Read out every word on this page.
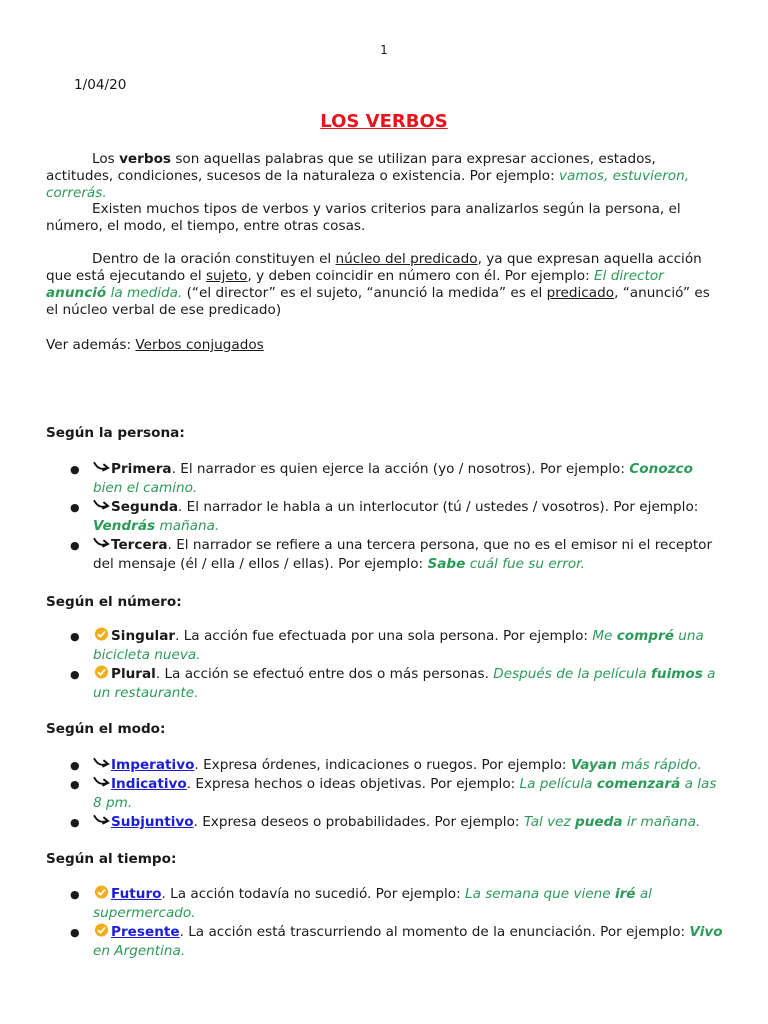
1
1/04/20
LOS VERBOS
Los verbos son aquellas palabras que se utilizan para expresar acciones, estados, actitudes, condiciones, sucesos de la naturaleza o existencia. Por ejemplo: vamos, estuvieron, correrás.
Existen muchos tipos de verbos y varios criterios para analizarlos según la persona, el número, el modo, el tiempo, entre otras cosas.
Dentro de la oración constituyen el núcleo del predicado, ya que expresan aquella acción que está ejecutando el sujeto, y deben coincidir en número con él. Por ejemplo: El director anunció la medida. (“el director” es el sujeto, “anunció la medida” es el predicado, “anunció” es el núcleo verbal de ese predicado)
Ver además: Verbos conjugados
Según la persona:
● Primera. El narrador es quien ejerce la acción (yo / nosotros). Por ejemplo: Conozco bien el camino.
● Segunda. El narrador le habla a un interlocutor (tú / ustedes / vosotros). Por ejemplo: Vendrás mañana.
● Tercera. El narrador se refiere a una tercera persona, que no es el emisor ni el receptor del mensaje (él / ella / ellos / ellas). Por ejemplo: Sabe cuál fue su error.
Según el número:
● Singular. La acción fue efectuada por una sola persona. Por ejemplo: Me compré una bicicleta nueva.
● Plural. La acción se efectuó entre dos o más personas. Después de la película fuimos a un restaurante.
Según el modo:
● Imperativo. Expresa órdenes, indicaciones o ruegos. Por ejemplo: Vayan más rápido.
● Indicativo. Expresa hechos o ideas objetivas. Por ejemplo: La película comenzará a las 8 pm.
● Subjuntivo. Expresa deseos o probabilidades. Por ejemplo: Tal vez pueda ir mañana.
Según al tiempo:
● Futuro. La acción todavía no sucedió. Por ejemplo: La semana que viene iré al supermercado.
● Presente. La acción está trascurriendo al momento de la enunciación. Por ejemplo: Vivo en Argentina.
